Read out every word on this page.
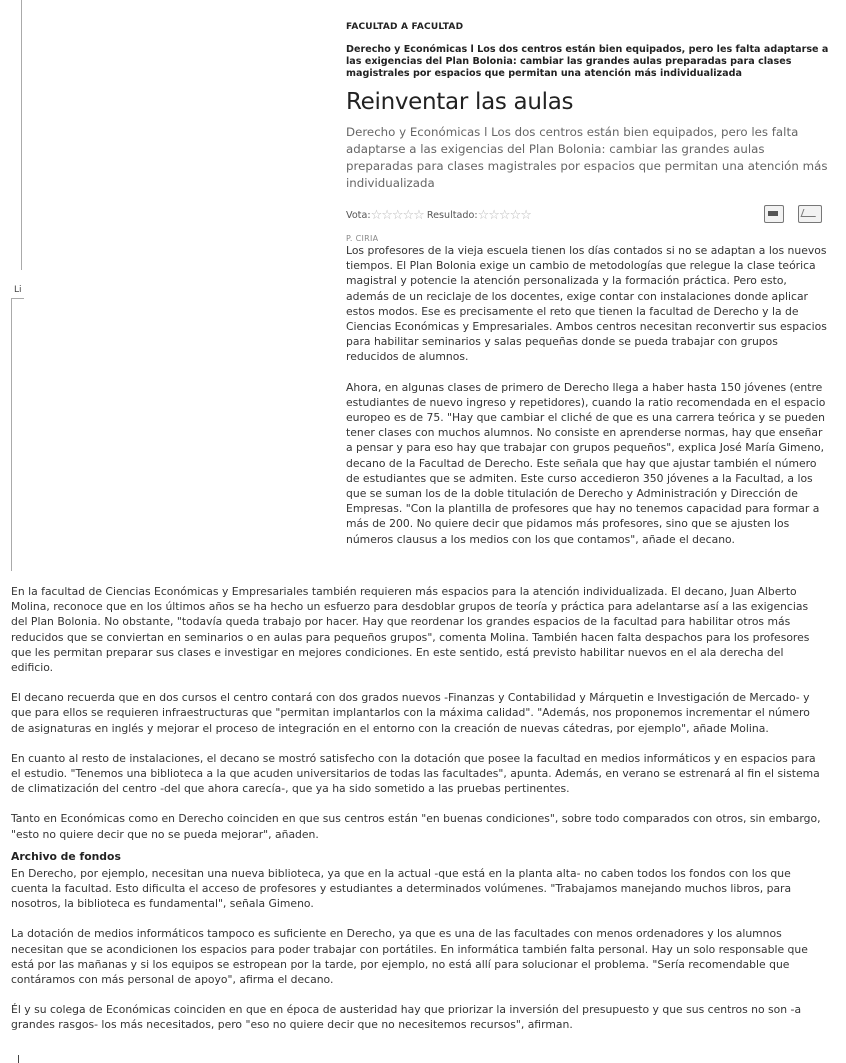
Li
FACULTAD A FACULTAD
Derecho y Económicas l Los dos centros están bien equipados, pero les falta adaptarse a las exigencias del Plan Bolonia: cambiar las grandes aulas preparadas para clases magistrales por espacios que permitan una atención más individualizada
Reinventar las aulas
Derecho y Económicas l Los dos centros están bien equipados, pero les falta adaptarse a las exigencias del Plan Bolonia: cambiar las grandes aulas preparadas para clases magistrales por espacios que permitan una atención más individualizada
Vota:☆☆☆☆☆ Resultado:☆☆☆☆☆
P. CIRIA

Los profesores de la vieja escuela tienen los días contados si no se adaptan a los nuevos tiempos. El Plan Bolonia exige un cambio de metodologías que relegue la clase teórica magistral y potencie la atención personalizada y la formación práctica. Pero esto, además de un reciclaje de los docentes, exige contar con instalaciones donde aplicar estos modos. Ese es precisamente el reto que tienen la facultad de Derecho y la de Ciencias Económicas y Empresariales. Ambos centros necesitan reconvertir sus espacios para habilitar seminarios y salas pequeñas donde se pueda trabajar con grupos reducidos de alumnos.

Ahora, en algunas clases de primero de Derecho llega a haber hasta 150 jóvenes (entre estudiantes de nuevo ingreso y repetidores), cuando la ratio recomendada en el espacio europeo es de 75. "Hay que cambiar el cliché de que es una carrera teórica y se pueden tener clases con muchos alumnos. No consiste en aprenderse normas, hay que enseñar a pensar y para eso hay que trabajar con grupos pequeños", explica José María Gimeno, decano de la Facultad de Derecho. Este señala que hay que ajustar también el número de estudiantes que se admiten. Este curso accedieron 350 jóvenes a la Facultad, a los que se suman los de la doble titulación de Derecho y Administración y Dirección de Empresas. "Con la plantilla de profesores que hay no tenemos capacidad para formar a más de 200. No quiere decir que pidamos más profesores, sino que se ajusten los números clausus a los medios con los que contamos", añade el decano.

En la facultad de Ciencias Económicas y Empresariales también requieren más espacios para la atención individualizada. El decano, Juan Alberto Molina, reconoce que en los últimos años se ha hecho un esfuerzo para desdoblar grupos de teoría y práctica para adelantarse así a las exigencias del Plan Bolonia. No obstante, "todavía queda trabajo por hacer. Hay que reordenar los grandes espacios de la facultad para habilitar otros más reducidos que se conviertan en seminarios o en aulas para pequeños grupos", comenta Molina. También hacen falta despachos para los profesores que les permitan preparar sus clases e investigar en mejores condiciones. En este sentido, está previsto habilitar nuevos en el ala derecha del edificio.

El decano recuerda que en dos cursos el centro contará con dos grados nuevos -Finanzas y Contabilidad y Márquetin e Investigación de Mercado- y que para ellos se requieren infraestructuras que "permitan implantarlos con la máxima calidad". "Además, nos proponemos incrementar el número de asignaturas en inglés y mejorar el proceso de integración en el entorno con la creación de nuevas cátedras, por ejemplo", añade Molina.

En cuanto al resto de instalaciones, el decano se mostró satisfecho con la dotación que posee la facultad en medios informáticos y en espacios para el estudio. "Tenemos una biblioteca a la que acuden universitarios de todas las facultades", apunta. Además, en verano se estrenará al fin el sistema de climatización del centro -del que ahora carecía-, que ya ha sido sometido a las pruebas pertinentes.

Tanto en Económicas como en Derecho coinciden en que sus centros están "en buenas condiciones", sobre todo comparados con otros, sin embargo, "esto no quiere decir que no se pueda mejorar", añaden.

Archivo de fondos

En Derecho, por ejemplo, necesitan una nueva biblioteca, ya que en la actual -que está en la planta alta- no caben todos los fondos con los que cuenta la facultad. Esto dificulta el acceso de profesores y estudiantes a determinados volúmenes. "Trabajamos manejando muchos libros, para nosotros, la biblioteca es fundamental", señala Gimeno.

La dotación de medios informáticos tampoco es suficiente en Derecho, ya que es una de las facultades con menos ordenadores y los alumnos necesitan que se acondicionen los espacios para poder trabajar con portátiles. En informática también falta personal. Hay un solo responsable que está por las mañanas y si los equipos se estropean por la tarde, por ejemplo, no está allí para solucionar el problema. "Sería recomendable que contáramos con más personal de apoyo", afirma el decano.

Él y su colega de Económicas coinciden en que en época de austeridad hay que priorizar la inversión del presupuesto y que sus centros no son -a grandes rasgos- los más necesitados, pero "eso no quiere decir que no necesitemos recursos", afirman.
